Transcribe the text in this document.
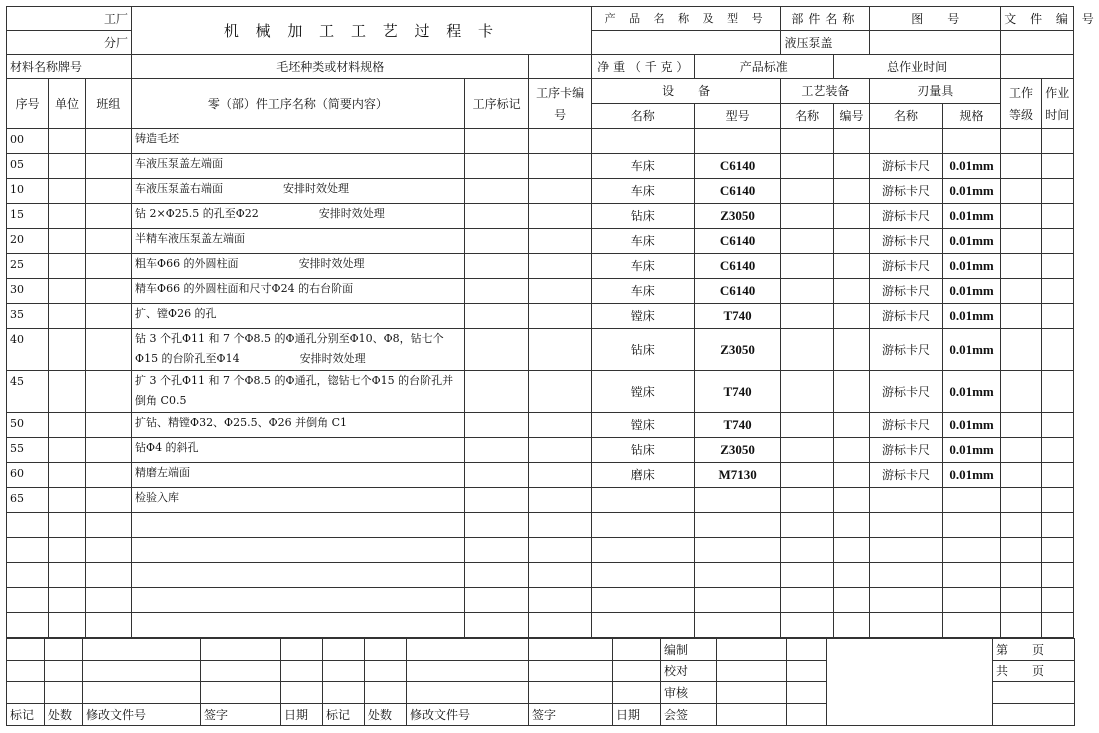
工厂			机 械 加 工 工 艺 过 程 卡			产 品 名 称 及 型 号		部件名称		图　　号		文 件 编 号	
分厂								液压泵盖					
材料名称牌号			毛坯种类或材料规格			净 重 （ 千 克 ）	产品标准		总作业时间				
序号	单位	班组	零（部）件工序名称（简要内容）	工序标记	工序卡编号	设　　备		工艺装备		刃量具		工作等级	作业时间
						名称	型号	名称	编号	名称	规格		
00			铸造毛坯										
05			车液压泵盖左端面			车床	C6140			游标卡尺	0.01mm		
10			车液压泵盖右端面 安排时效处理			车床	C6140			游标卡尺	0.01mm		
15			钻 2×Φ25.5 的孔至Φ22 安排时效处理			钻床	Z3050			游标卡尺	0.01mm		
20			半精车液压泵盖左端面			车床	C6140			游标卡尺	0.01mm		
25			粗车Φ66 的外圆柱面 安排时效处理			车床	C6140			游标卡尺	0.01mm		
30			精车Φ66 的外圆柱面和尺寸Φ24 的右台阶面			车床	C6140			游标卡尺	0.01mm		
35			扩、镗Φ26 的孔			镗床	T740			游标卡尺	0.01mm		
40			钻 3 个孔Φ11 和 7 个Φ8.5 的Φ通孔分别至Φ10、Φ8，钻七个Φ15 的台阶孔至Φ14 安排时效处理			钻床	Z3050			游标卡尺	0.01mm		
45			扩 3 个孔Φ11 和 7 个Φ8.5 的Φ通孔，锪钻七个Φ15 的台阶孔并倒角 C0.5			镗床	T740			游标卡尺	0.01mm		
50			扩钻、精镗Φ32、Φ25.5、Φ26 并倒角 C1			镗床	T740			游标卡尺	0.01mm		
55			钻Φ4 的斜孔			钻床	Z3050			游标卡尺	0.01mm		
60			精磨左端面			磨床	M7130			游标卡尺	0.01mm		
65			检验入库										

										编制				第　　页	
										校对				共　　页	
										审核					
标记	处数	修改文件号	签字	日期	标记	处数	修改文件号	签字	日期	会签					
